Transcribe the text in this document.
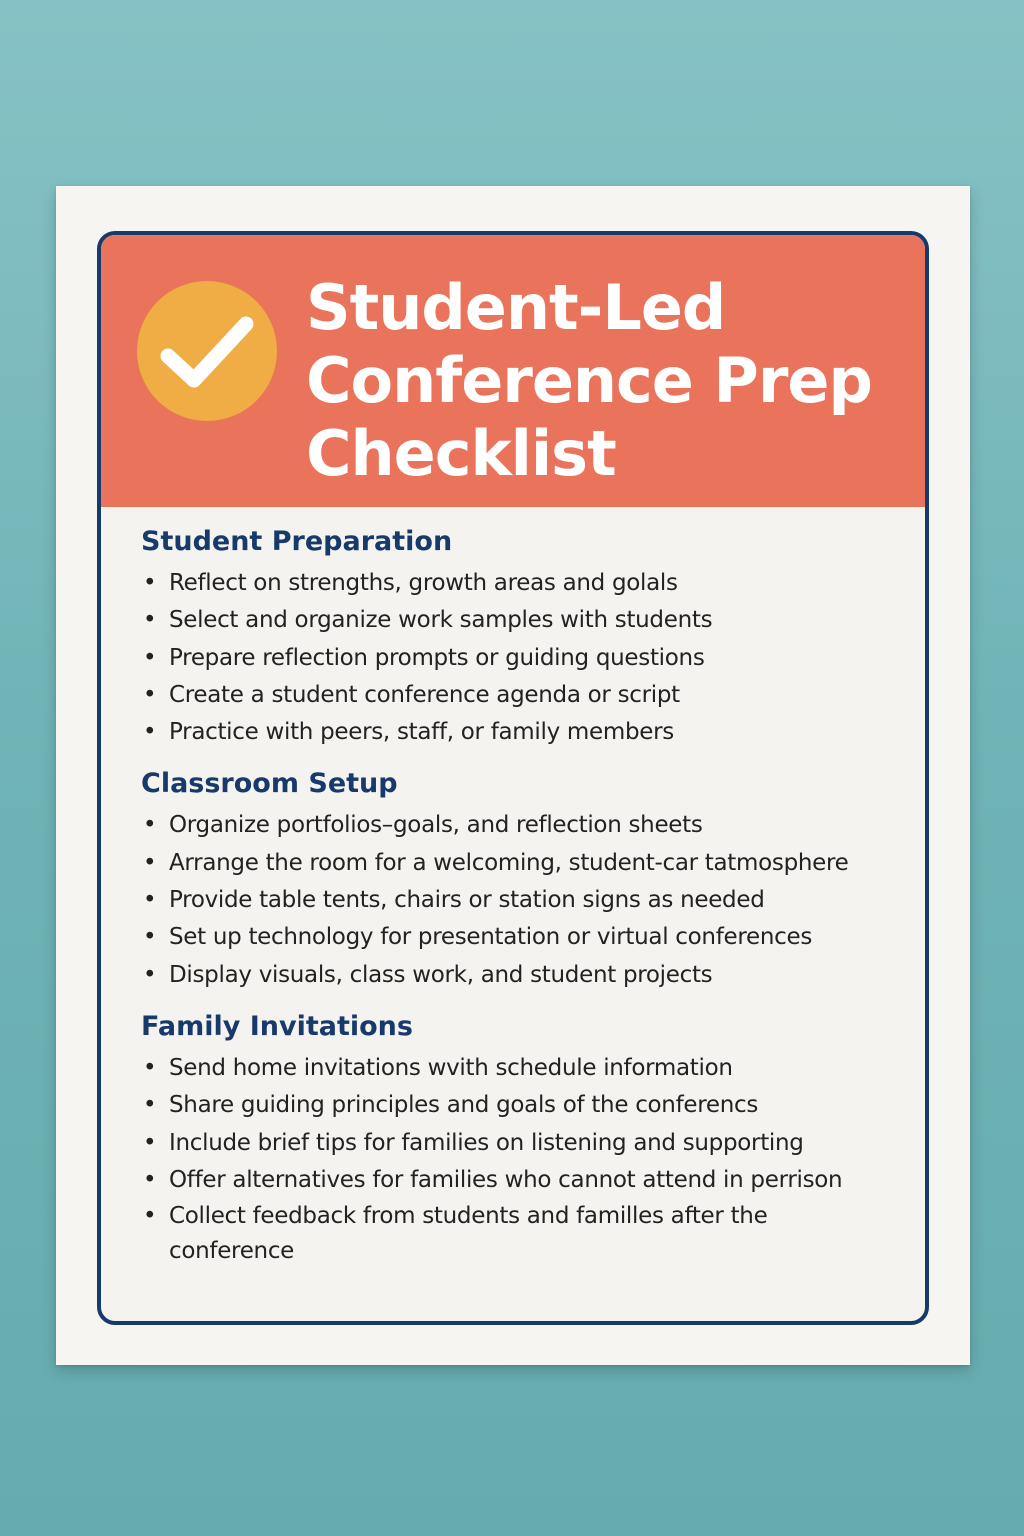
Student-Led
Conference Prep
Checklist
Student Preparation
• Reflect on strengths, growth areas and golals
• Select and organize work samples with students
• Prepare reflection prompts or guiding questions
• Create a student conference agenda or script
• Practice with peers, staff, or family members
Classroom Setup
• Organize portfolios–goals, and reflection sheets
• Arrange the room for a welcoming, student-car tatmosphere
• Provide table tents, chairs or station signs as needed
• Set up technology for presentation or virtual conferences
• Display visuals, class work, and student projects
Family Invitations
• Send home invitations wvith schedule information
• Share guiding principles and goals of the conferencs
• Include brief tips for families on listening and supporting
• Offer alternatives for families who cannot attend in perrison
• Collect feedback from students and familles after the conference
